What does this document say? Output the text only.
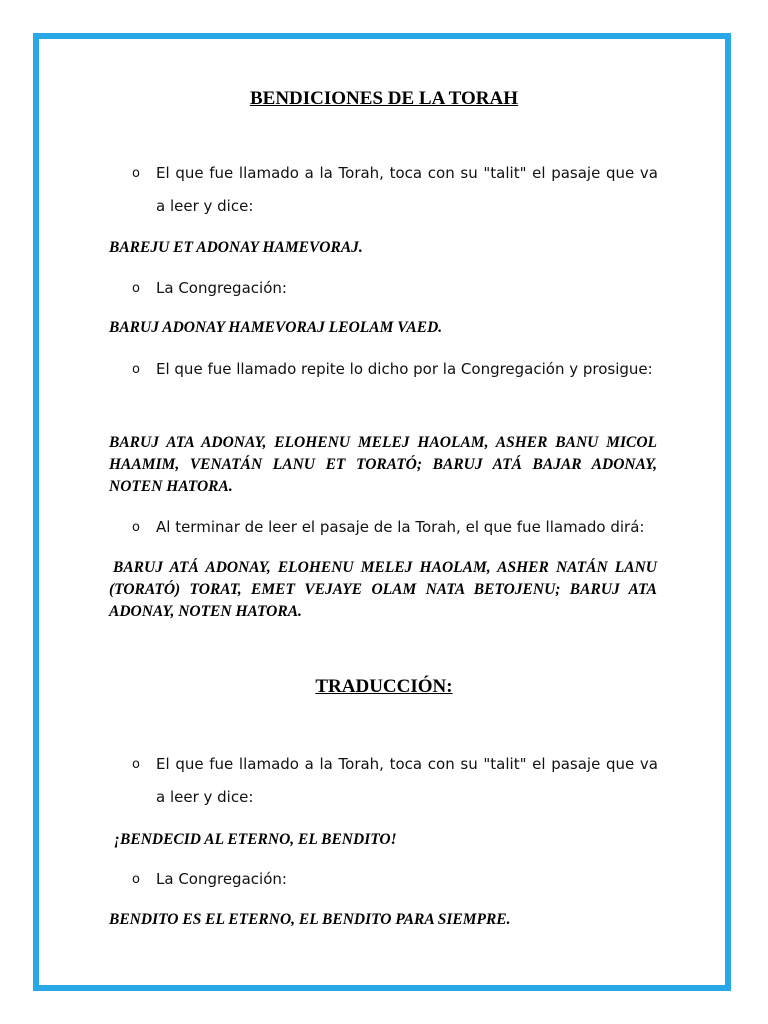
BENDICIONES DE LA TORAH
o El que fue llamado a la Torah, toca con su "talit" el pasaje que va a leer y dice:

BAREJU ET ADONAY HAMEVORAJ.

o La Congregación:

BARUJ ADONAY HAMEVORAJ LEOLAM VAED.

o El que fue llamado repite lo dicho por la Congregación y prosigue:

BARUJ ATA ADONAY, ELOHENU MELEJ HAOLAM, ASHER BANU MICOL HAAMIM, VENATÁN LANU ET TORATÓ; BARUJ ATÁ BAJAR ADONAY, NOTEN HATORA.

o Al terminar de leer el pasaje de la Torah, el que fue llamado dirá:

BARUJ ATÁ ADONAY, ELOHENU MELEJ HAOLAM, ASHER NATÁN LANU (TORATÓ) TORAT, EMET VEJAYE OLAM NATA BETOJENU; BARUJ ATA ADONAY, NOTEN HATORA.

TRADUCCIÓN:
o El que fue llamado a la Torah, toca con su "talit" el pasaje que va a leer y dice:

¡BENDECID AL ETERNO, EL BENDITO!

o La Congregación:

BENDITO ES EL ETERNO, EL BENDITO PARA SIEMPRE.
